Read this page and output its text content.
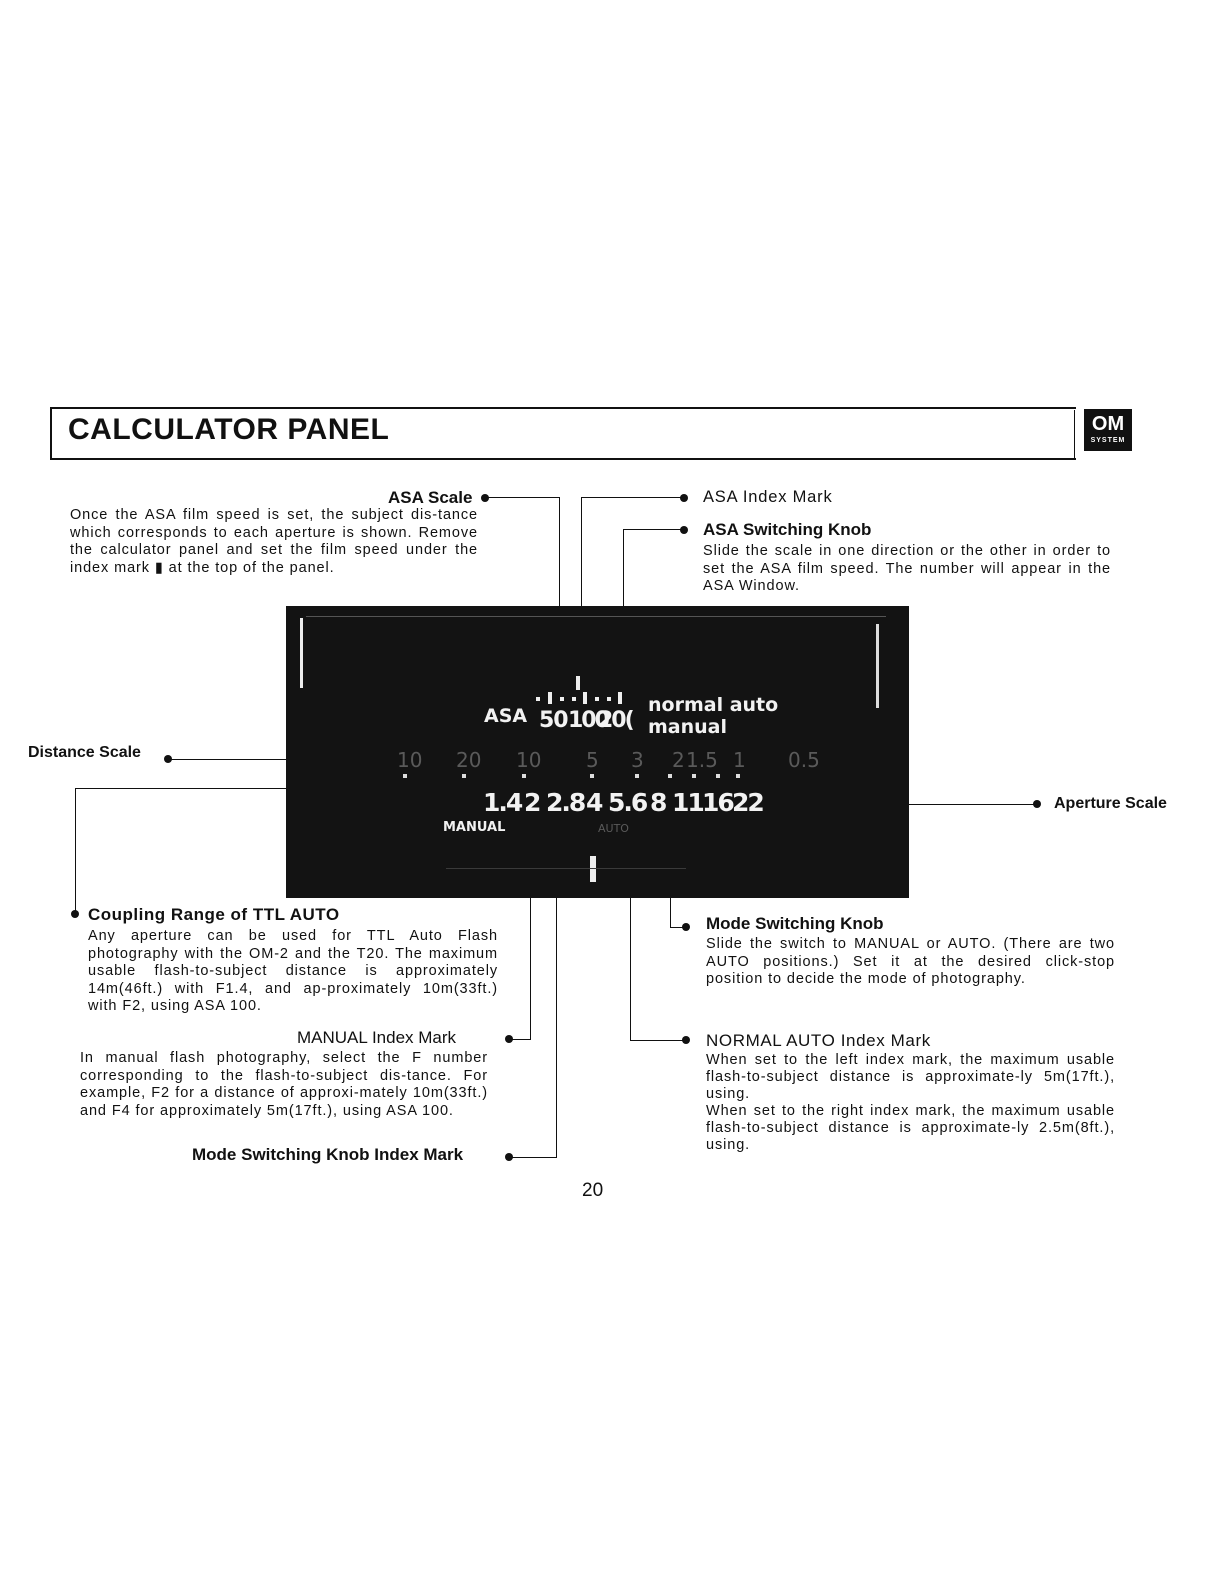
CALCULATOR PANEL	OM
SYSTEM
ASA Scale

Once the ASA film speed is set, the subject dis-tance which corresponds to each aperture is shown. Remove the calculator panel and set the film speed under the index mark ▮ at the top of the panel.

ASA Index Mark
ASA Switching Knob

Slide the scale in one direction or the other in order to set the ASA film speed. The number will appear in the ASA Window.

Distance Scale
Aperture Scale
ASA 50 100
20(
normal auto
manual
10 20 10 5 3 2 1.5 1 0.5
1.4 2 2.8 4 5.6 8 11 16 22
MANUAL	AUTO
Coupling Range of TTL AUTO

Any aperture can be used for TTL Auto Flash photography with the OM-2 and the T20. The maximum usable flash-to-subject distance is approximately 14m(46ft.) with F1.4, and ap-proximately 10m(33ft.) with F2, using ASA 100.

MANUAL Index Mark

In manual flash photography, select the F number corresponding to the flash-to-subject dis-tance. For example, F2 for a distance of approxi-mately 10m(33ft.) and F4 for approximately 5m(17ft.), using ASA 100.

Mode Switching Knob Index Mark
Mode Switching Knob

Slide the switch to MANUAL or AUTO. (There are two AUTO positions.) Set it at the desired click-stop position to decide the mode of photography.

NORMAL AUTO Index Mark

When set to the left index mark, the maximum usable flash-to-subject distance is approximate-ly 5m(17ft.), using.

When set to the right index mark, the maximum usable flash-to-subject distance is approximate-ly 2.5m(8ft.), using.

20
